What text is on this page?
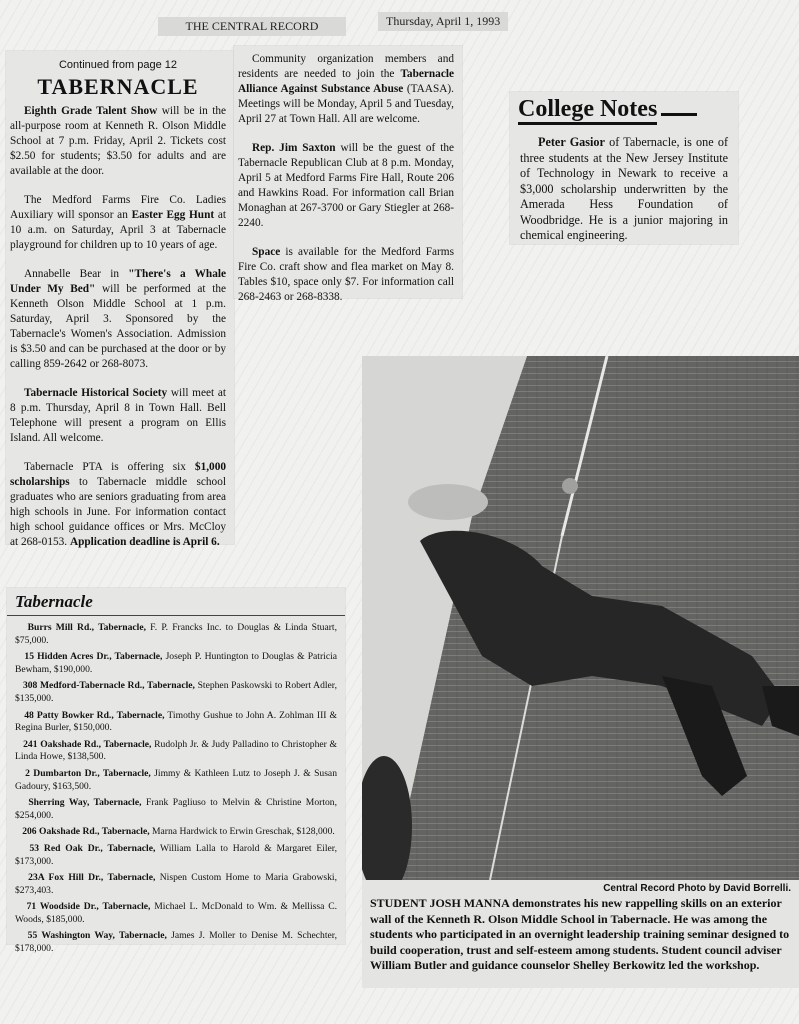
THE CENTRAL RECORD	Thursday, April 1, 1993
Continued from page 12
TABERNACLE

Eighth Grade Talent Show will be in the all-purpose room at Kenneth R. Olson Middle School at 7 p.m. Friday, April 2. Tickets cost $2.50 for students; $3.50 for adults and are available at the door.

The Medford Farms Fire Co. Ladies Auxiliary will sponsor an Easter Egg Hunt at 10 a.m. on Saturday, April 3 at Tabernacle playground for children up to 10 years of age.

Annabelle Bear in "There's a Whale Under My Bed" will be performed at the Kenneth Olson Middle School at 1 p.m. Saturday, April 3. Sponsored by the Tabernacle's Women's Association. Admission is $3.50 and can be purchased at the door or by calling 859-2642 or 268-8073.

Tabernacle Historical Society will meet at 8 p.m. Thursday, April 8 in Town Hall. Bell Telephone will present a program on Ellis Island. All welcome.

Tabernacle PTA is offering six $1,000 scholarships to Tabernacle middle school graduates who are seniors graduating from area high schools in June. For information contact high school guidance offices or Mrs. McCloy at 268-0153. Application deadline is April 6.

Community organization members and residents are needed to join the Tabernacle Alliance Against Substance Abuse (TAASA). Meetings will be Monday, April 5 and Tuesday, April 27 at Town Hall. All are welcome.

Rep. Jim Saxton will be the guest of the Tabernacle Republican Club at 8 p.m. Monday, April 5 at Medford Farms Fire Hall, Route 206 and Hawkins Road. For information call Brian Monaghan at 267-3700 or Gary Stiegler at 268-2240.

Space is available for the Medford Farms Fire Co. craft show and flea market on May 8. Tables $10, space only $7. For information call 268-2463 or 268-8338.

College Notes
Peter Gasior of Tabernacle, is one of three students at the New Jersey Institute of Technology in Newark to receive a $3,000 scholarship underwritten by the Amerada Hess Foundation of Woodbridge. He is a junior majoring in chemical engineering.
Tabernacle

Burrs Mill Rd., Tabernacle, F. P. Francks Inc. to Douglas & Linda Stuart, $75,000.

15 Hidden Acres Dr., Tabernacle, Joseph P. Huntington to Douglas & Patricia Bewham, $190,000.

308 Medford-Tabernacle Rd., Tabernacle, Stephen Paskowski to Robert Adler, $135,000.

48 Patty Bowker Rd., Tabernacle, Timothy Gushue to John A. Zohlman III & Regina Burler, $150,000.

241 Oakshade Rd., Tabernacle, Rudolph Jr. & Judy Palladino to Christopher & Linda Howe, $138,500.

2 Dumbarton Dr., Tabernacle, Jimmy & Kathleen Lutz to Joseph J. & Susan Gadoury, $163,500.

Sherring Way, Tabernacle, Frank Pagliuso to Melvin & Christine Morton, $254,000.

206 Oakshade Rd., Tabernacle, Marna Hardwick to Erwin Greschak, $128,000.

53 Red Oak Dr., Tabernacle, William Lalla to Harold & Margaret Eiler, $173,000.

23A Fox Hill Dr., Tabernacle, Nispen Custom Home to Maria Grabowski, $273,403.

71 Woodside Dr., Tabernacle, Michael L. McDonald to Wm. & Mellissa C. Woods, $185,000.

55 Washington Way, Tabernacle, James J. Moller to Denise M. Schechter, $178,000.

Central Record Photo by David Borrelli.
STUDENT JOSH MANNA demonstrates his new rappelling skills on an exterior wall of the Kenneth R. Olson Middle School in Tabernacle. He was among the students who participated in an overnight leadership training seminar designed to build cooperation, trust and self-esteem among students. Student council adviser William Butler and guidance counselor Shelley Berkowitz led the workshop.
